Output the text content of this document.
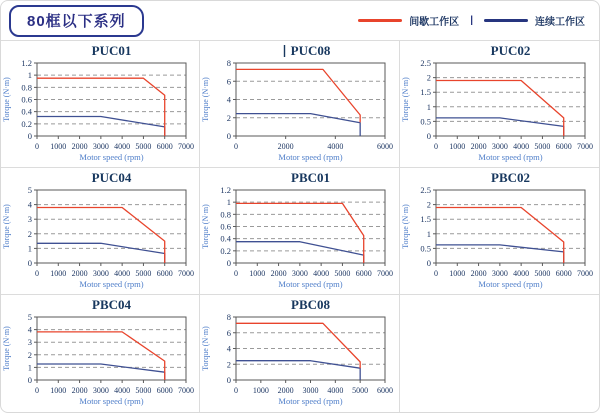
80框以下系列	间歇工作区 |	连续工作区
PUC01
0
0.2
0.4
0.6
0.8
1
1.2
0 1000 2000 3000 4000 5000 6000 7000
Motor speed (rpm)
Torque (N·m)
PUC08
0
2
4
6
8
0	2000	4000	6000
Motor speed (rpm)
Torque (N·m)
PUC02
0
0.5
1
1.5
2
2.5
0 1000 2000 3000 4000 5000 6000 7000
Motor speed (rpm)
Torque (N·m)
PUC04
0
1
2
3
4
5
0 1000 2000 3000 4000 5000 6000 7000
Motor speed (rpm)
Torque (N·m)
PBC01
0
0.2
0.4
0.6
0.8
1
1.2
0 1000 2000 3000 4000 5000 6000 7000
Motor speed (rpm)
Torque (N·m)
PBC02
0
0.5
1
1.5
2
2.5
0 1000 2000 3000 4000 5000 6000 7000
Motor speed (rpm)
Torque (N·m)
PBC04
0
1
2
3
4
5
0 1000 2000 3000 4000 5000 6000 7000
Motor speed (rpm)
Torque (N·m)
PBC08
0
2
4
6
8
0 1000 2000 3000 4000 5000 6000
Motor speed (rpm)
Torque (N·m)
